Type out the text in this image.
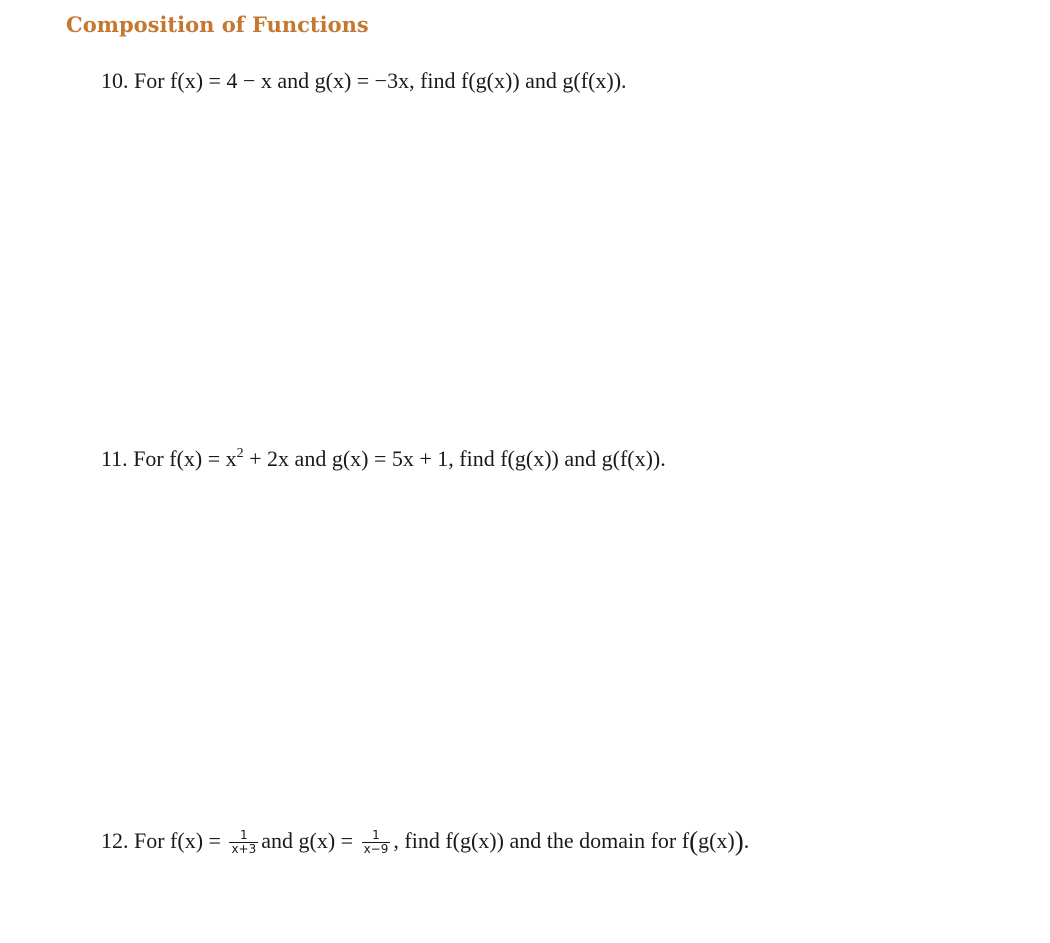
Composition of Functions
10. For f(x) = 4 − x and g(x) = −3x, find f(g(x)) and g(f(x)).
11. For $f(x) = x^2 + 2x$ and g(x) = 5x + 1, find f(g(x)) and g(f(x)).
12. For $f(x) = \frac{1}{x+3}$ and $g(x) = \frac{1}{x-9}$ , find f(g(x)) and the domain for f(g(x)).
